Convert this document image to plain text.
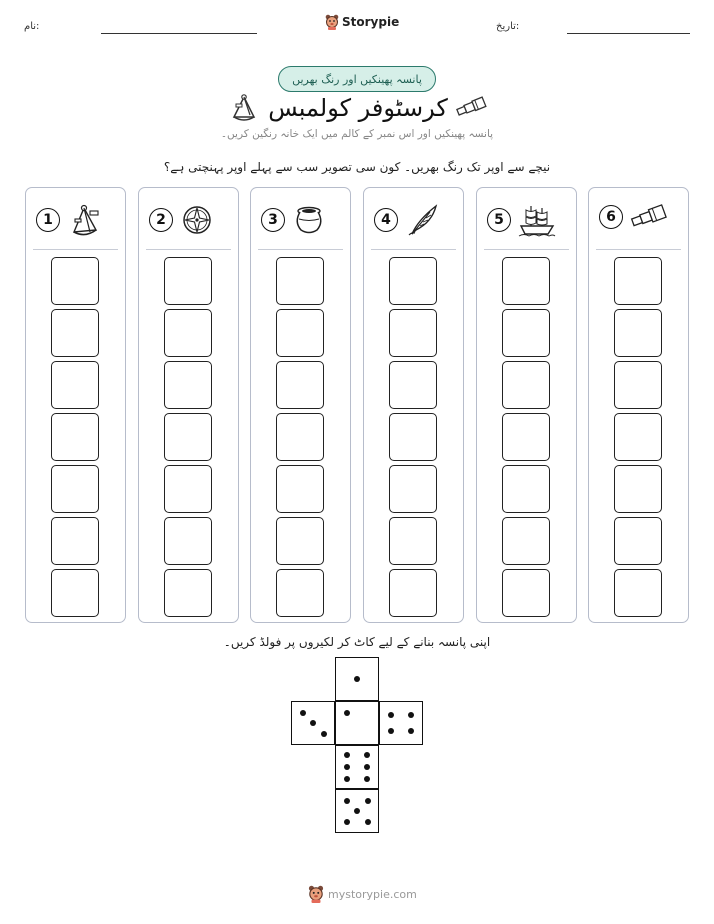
نام:	Storypie	تاریخ:
پانسہ پھینکیں اور رنگ بھریں
کرسٹوفر کولمبس
پانسہ پھینکیں اور اس نمبر کے کالم میں ایک خانہ رنگین کریں۔
نیچے سے اوپر تک رنگ بھریں۔ کون سی تصویر سب سے پہلے اوپر پہنچتی ہے؟
1	2	3	4	5	6
اپنی پانسہ بنانے کے لیے کاٹ کر لکیروں پر فولڈ کریں۔
mystorypie.com
